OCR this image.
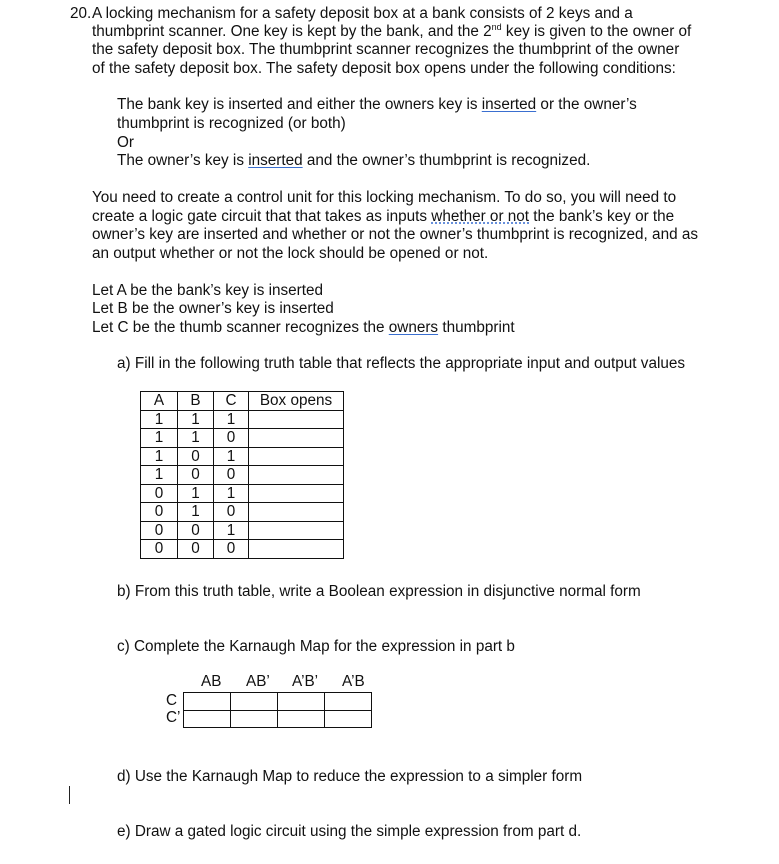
20. A locking mechanism for a safety deposit box at a bank consists of 2 keys and a
thumbprint scanner. One key is kept by the bank, and the 2nd key is given to the owner of
the safety deposit box. The thumbprint scanner recognizes the thumbprint of the owner
of the safety deposit box. The safety deposit box opens under the following conditions:
The bank key is inserted and either the owners key is inserted or the owner’s
thumbprint is recognized (or both)
Or
The owner’s key is inserted and the owner’s thumbprint is recognized.
You need to create a control unit for this locking mechanism. To do so, you will need to
create a logic gate circuit that that takes as inputs whether or not the bank’s key or the
owner’s key are inserted and whether or not the owner’s thumbprint is recognized, and as
an output whether or not the lock should be opened or not.
Let A be the bank’s key is inserted
Let B be the owner’s key is inserted
Let C be the thumb scanner recognizes the owners thumbprint
a) Fill in the following truth table that reflects the appropriate input and output values
A	B	C	Box opens
1	1	1	
1	1	0	
1	0	1	
1	0	0	
0	1	1	
0	1	0	
0	0	1	
0	0	0	
b) From this truth table, write a Boolean expression in disjunctive normal form
c) Complete the Karnaugh Map for the expression in part b
AB AB’ A’B’ A’B
C
C’

d) Use the Karnaugh Map to reduce the expression to a simpler form
e) Draw a gated logic circuit using the simple expression from part d.
